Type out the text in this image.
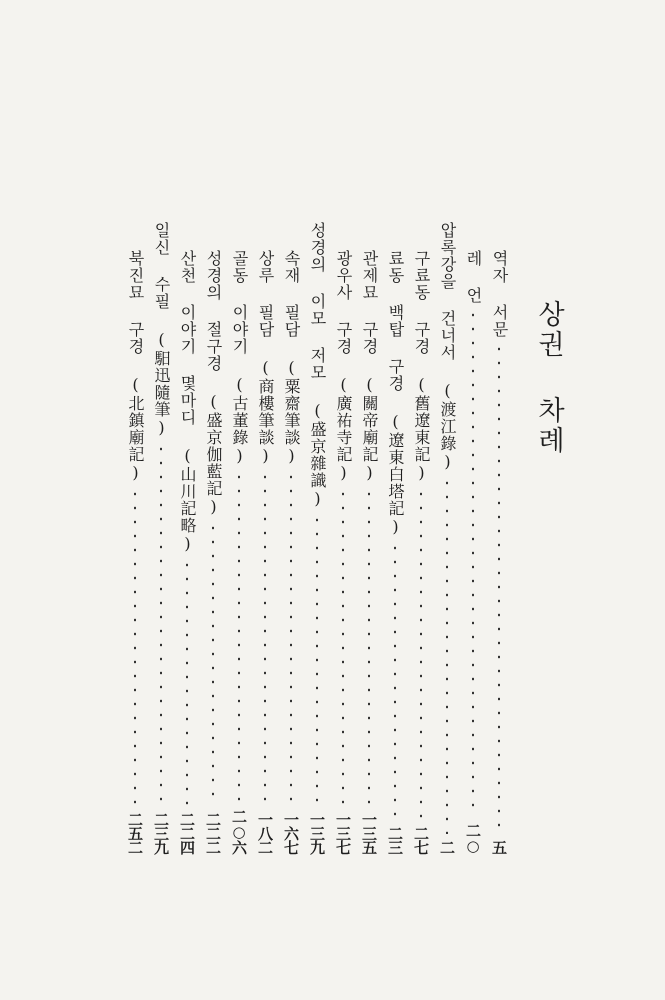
상권차례
역자 서문
五
레 언
二○
압록강을 건너서 (渡江錄)
二
구료동 구경 (舊遼東記)
二七
료동 백탑 구경 (遼東白塔記)
二三
관제묘 구경 (關帝廟記)
一三五
광우사 구경 (廣祐寺記)
一三七
성경의 이모 저모 (盛京雜識)
一三九
속재 필담 (粟齋筆談)
一六七
상루 필담 (商樓筆談)
一八二
골동 이야기 (古董錄)
二○六
성경의 절구경 (盛京伽藍記)
二二二
산천 이야기 몇마디 (山川記略)
二二四
일신 수필 (馹迅隨筆)
二三九
북진묘 구경 (北鎮廟記)
二五二
